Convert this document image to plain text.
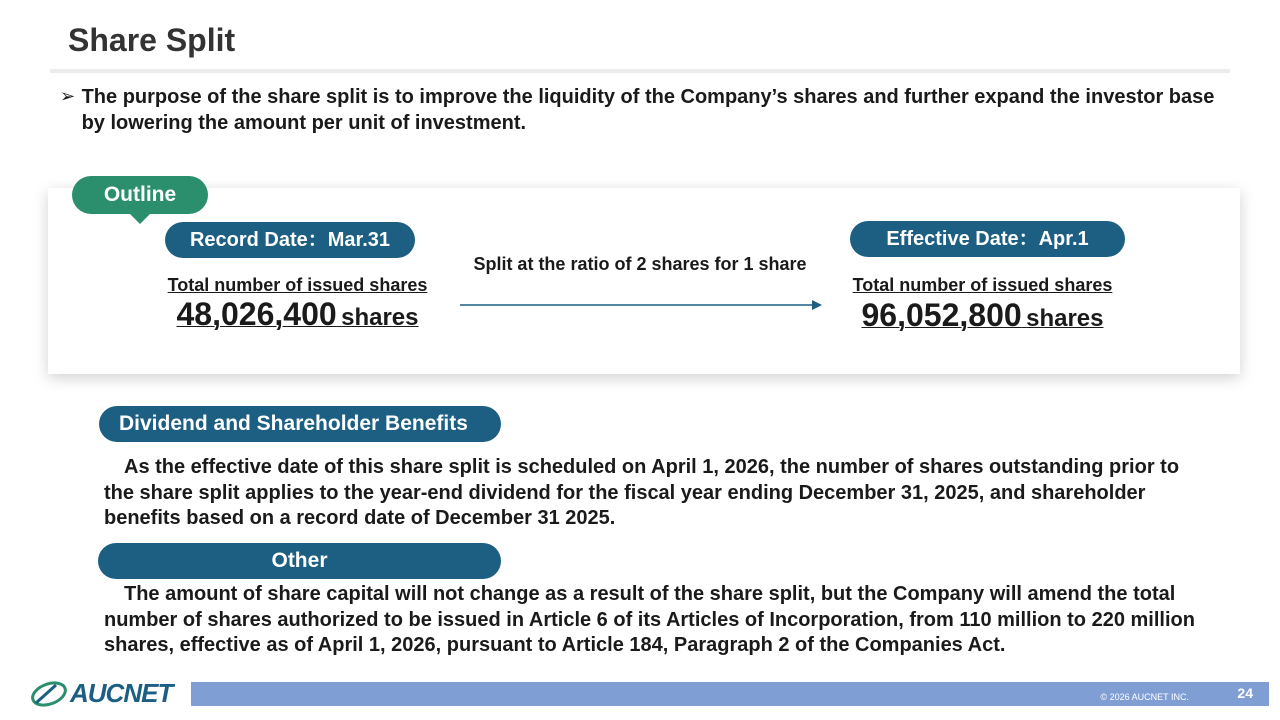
Share Split
➢ The purpose of the share split is to improve the liquidity of the Company’s shares and further expand the investor base by lowering the amount per unit of investment.
Outline
Record Date：Mar.31
Total number of issued shares
48,026,400 shares
Split at the ratio of 2 shares for 1 share
Effective Date：Apr.1
Total number of issued shares
96,052,800 shares
Dividend and Shareholder Benefits
As the effective date of this share split is scheduled on April 1, 2026, the number of shares outstanding prior to the share split applies to the year-end dividend for the fiscal year ending December 31, 2025, and shareholder benefits based on a record date of December 31 2025.
Other
The amount of share capital will not change as a result of the share split, but the Company will amend the total number of shares authorized to be issued in Article 6 of its Articles of Incorporation, from 110 million to 220 million shares, effective as of April 1, 2026, pursuant to Article 184, Paragraph 2 of the Companies Act.
AUCNET	© 2026 AUCNET INC.	24
